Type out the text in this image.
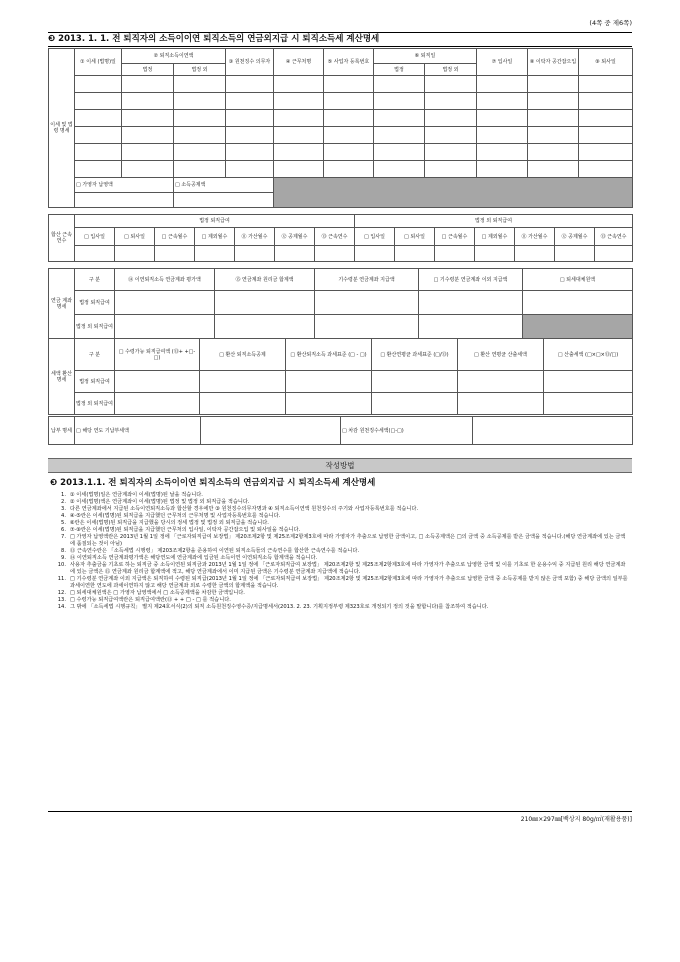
(4쪽 중 제6쪽)
❸ 2013. 1. 1. 전 퇴직자의 소득이이연 퇴직소득의 연금외지급 시 퇴직소득세 계산명세
이세 및 법령 명세	① 이세 (법명)일	② 퇴직소득이연액		③ 원천징수 의무자	④ 근무처명	⑤ 사업자 등록번호	⑥ 퇴직일		⑦ 입사일	⑧ 이탁자 공간잡으입	⑨ 퇴사일
		법정	법정 외				법정	법정 외			

	□ 가영자 납영액		□ 소득공제액								

합산 근속 연수	법정 퇴직급여							법정 외 퇴직급여						
	□ 입사일	□ 퇴사일	□ 근속월수	□ 제외월수	⑪ 가산월수	⑫ 공제월수	⑬ 근속연수	□ 입사일	□ 퇴사일	□ 근속월수	□ 제외월수	⑪ 가산월수	⑫ 공제월수	⑬ 근속연수

연금 계좌 명세	구 분	⑭ 이연퇴직소득 연금계좌 평가액	⑮ 연금계좌 원리금 합계액	기수령분 연금계좌 지급액	□ 기수령분 연금계좌 이외 지급액	□ 퇴세대체원액
	법정 퇴직급여					
	법정 외 퇴직급여					
세액 환산 명세	구 분	□ 수령가능 퇴직급여액 (⑬+ +□-□)	□ 환산 퇴직소득공제	□ 환산퇴직소득 과세표준 (□ - □)	□ 환산연평균 과세표준 (□/⑬)	□ 환산 연평균 산출세액	□ 산출세액 (□×□×⑬/□)
	법정 퇴직급여						
	법정 외 퇴직급여						
납부 명세	□ 해당 연도 기납부세액		□ 차감 원천징수세액(□-□)	
작성방법
❸ 2013.1.1. 전 퇴직자의 소득이이연 퇴직소득의 연금외지급 시 퇴직소득세 계산명세
1. ① 이세(법명)일은 연금계좌이 이세(법명)된 날을 적습니다.
2. ② 이세(법명)액은 연금계좌이 이세(법명)된 법정 및 법정 외 퇴직급을 적습니다.
3. 다른 연금계좌에서 지급된 소득이연퇴직소득과 합산할 경우에만 ③ 원천징수의무자명과 ④ 퇴직소득이연액 원천징수의 주기와 사업자등록번호를 적습니다.
4. ④·⑤란은 이세(법명)된 퇴직급을 지급했던 근무처의 근무처명 및 사업자등록번호를 적습니다.
5. ⑥란은 이세(법명)된 퇴직급을 지급했을 당시의 정세 법정 및 법정 외 퇴직급을 적습니다.
6. ⑦·⑨란은 이세(법명)된 퇴직급을 지급했던 근무처의 입사일, 이탁자 공간잡으입 및 퇴사일을 적습니다.
7. □ 가영자 납영액란은 2013년 1월 1일 정에 「근로자퇴직급여 보장법」 제20조제2항 및 제25조제2항제3호에 따라 가영자가 추출으로 납영한 금액이고, □ 소득공제액은 □의 금액 중 소득공제를 받은 금액을 적습니다.(해당 연금계좌에 있는 금액에 품질되는 것이 아님)
8. ⑬ 근속연수란은 「소득세법 시행령」 제203조제2항을 준용하여 이연된 퇴직소득들의 근속연수를 합산한 근속연수를 적습니다.
9. ⑭ 이연퇴직소득 연금계좌평가액은 해당연도에 연금계좌에 입금된 소득이연 이연퇴직소득 합계액을 적습니다.
10. 사용자 추출금을 기초로 하는 퇴직금 중 소득이연된 퇴직금과 2013년 1월 1일 정에 「근로자퇴직급여 보장법」 제20조제2항 및 제25조제2항제3호에 따라 가영자가 추출으로 납영한 금액 및 이를 기초로 한 운용수익 중 지급된 원리 해당 연금계좌에 있는 금액은 ⑮ 연금계좌 원리금 합계액에 적고, 해당 연금계좌에서 이미 지급된 금액은 기수령분 연금계좌 지급액에 적습니다.
11. □ 기수령분 연금계좌 이외 지급액은 퇴직하여 수령된 퇴직급(2013년 1월 1일 정에 「근로자퇴직급여 보장법」 제20조제2항 및 제25조제2항제3호에 따라 가영자가 추출으로 납영한 금액 중 소득공제를 받지 않은 금액 포함) 중 해당 금액의 일부를 과세이연한 연도에 과세이연하지 않고 해당 연금계좌 외로 수령한 금액의 합계액을 적습니다.
12. □ 퇴세대체원액은 □ 가영자 납영액에서 □ 소득공제액을 차감한 금액입니다.
13. □ 수령가능 퇴직급여액란은 퇴직급여액란(⑬ + + □ - □ 를 적습니다.
14. 그 밖에 「소득세법 시행규칙」 별지 제24호서식(2)의 퇴직 소득원천징수영수증/지급명세서(2013. 2. 23. 기획지정부령 제323호로 개정되기 정의 것을 말합니다)를 참조하여 적습니다.
210㎜×297㎜[백상지 80g/㎡(재활용품)]
